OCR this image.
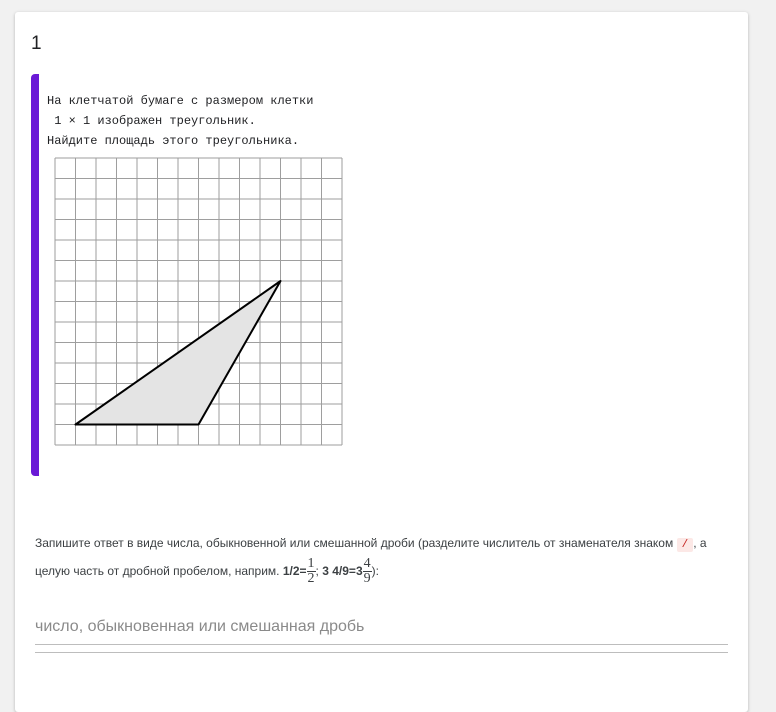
1
На клетчатой бумаге с размером клетки
1 × 1 изображен треугольник.
Найдите площадь этого треугольника.
Запишите ответ в виде числа, обыкновенной или смешанной дроби (разделите числитель от знаменателя знаком / , а целую часть от дробной пробелом, наприм. $1/2= \frac{1}{2}$ ; 3 $4/9=3 \frac{4}{9}$ ):
число, обыкновенная или смешанная дробь
